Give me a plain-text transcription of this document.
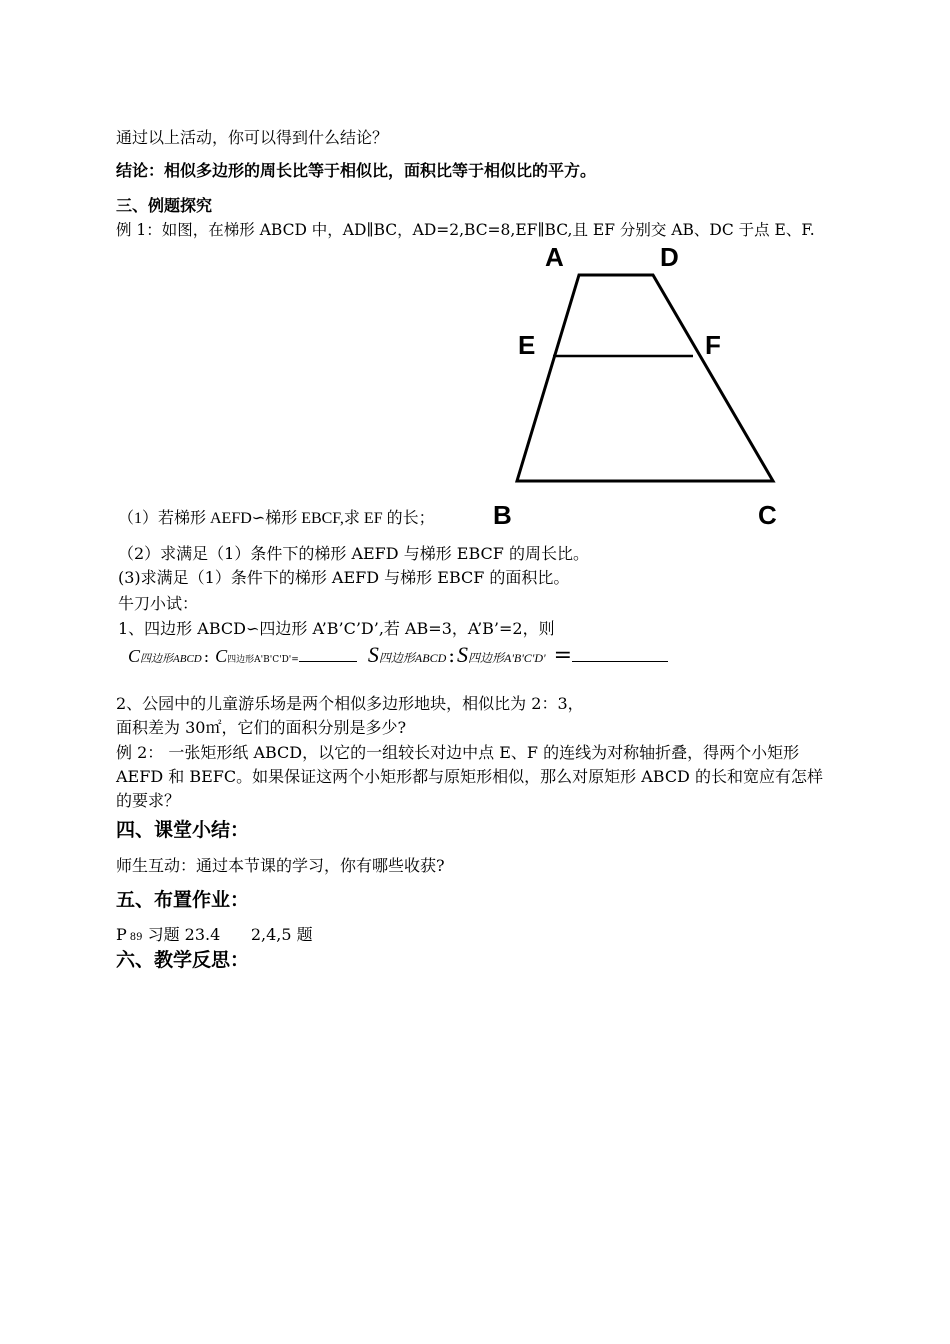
通过以上活动，你可以得到什么结论？
结论：相似多边形的周长比等于相似比，面积比等于相似比的平方。
三、例题探究
例 1：如图，在梯形 ABCD 中，AD∥BC，AD=2,BC=8,EF∥BC,且 EF 分别交 AB、DC 于点 E、F.
A	D
E	F
B	C
（1）若梯形 AEFD∽梯形 EBCF,求 EF 的长；
（2）求满足（1）条件下的梯形 AEFD 与梯形 EBCF 的周长比。
(3)求满足（1）条件下的梯形 AEFD 与梯形 EBCF 的面积比。
牛刀小试：
1、四边形 ABCD∽四边形 A’B’C’D’,若 AB=3，A’B’=2，则
C四边形ABCD : C四边形A'B'C'D'=	S四边形ABCD :S四边形A'B'C'D' =
2、公园中的儿童游乐场是两个相似多边形地块，相似比为 2：3，
面积差为 30㎡，它们的面积分别是多少?
例 2： 一张矩形纸 ABCD，以它的一组较长对边中点 E、F 的连线为对称轴折叠，得两个小矩形 AEFD 和 BEFC。如果保证这两个小矩形都与原矩形相似，那么对原矩形 ABCD 的长和宽应有怎样的要求？
四、课堂小结：
师生互动：通过本节课的学习，你有哪些收获?
五、布置作业：
P 89 习题 23.4      2,4,5 题
六、教学反思：
